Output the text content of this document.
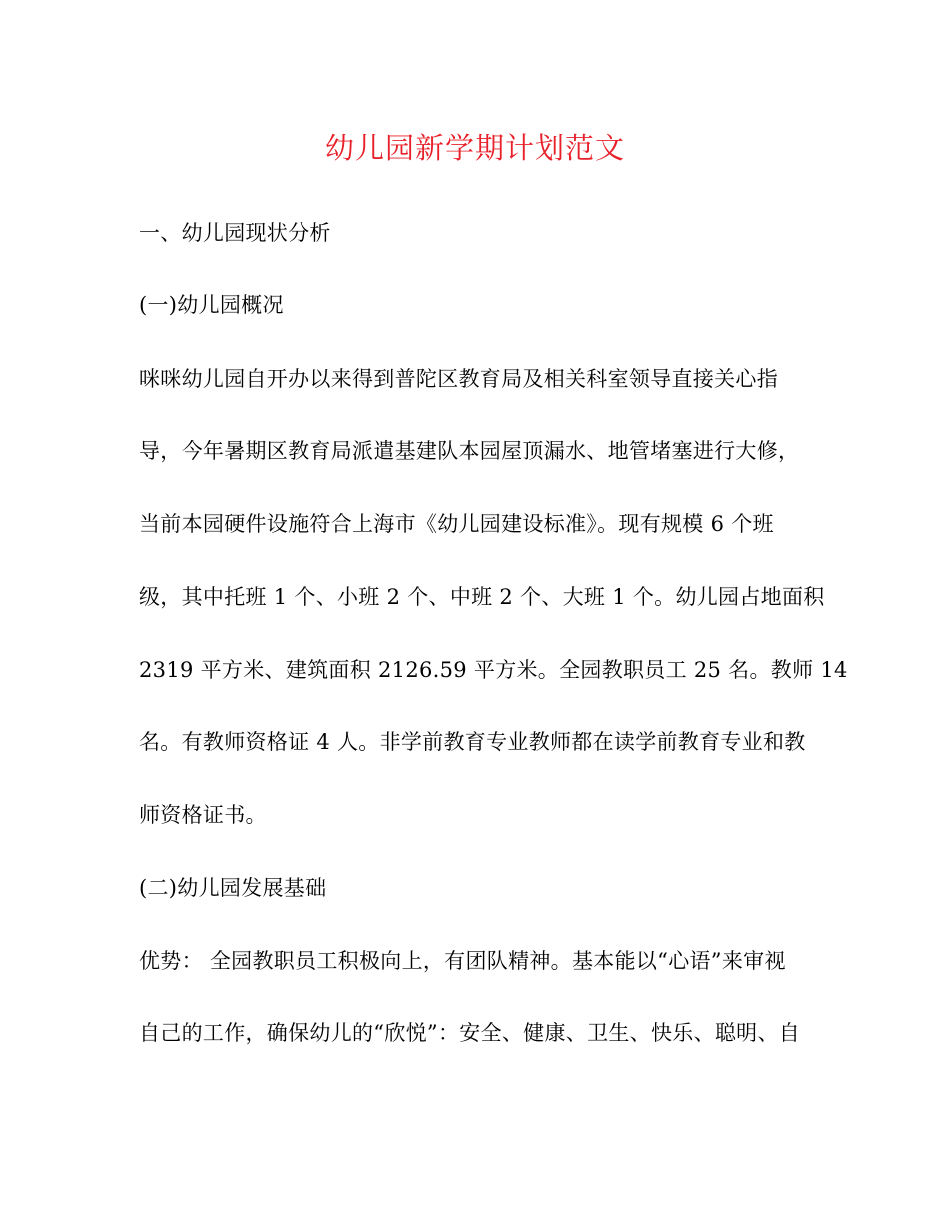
幼儿园新学期计划范文
一、幼儿园现状分析
(一)幼儿园概况
咪咪幼儿园自开办以来得到普陀区教育局及相关科室领导直接关心指
导，今年暑期区教育局派遣基建队本园屋顶漏水、地管堵塞进行大修，
当前本园硬件设施符合上海市《幼儿园建设标准》。现有规模 6 个班
级，其中托班 1 个、小班 2 个、中班 2 个、大班 1 个。幼儿园占地面积
2319 平方米、建筑面积 2126.59 平方米。全园教职员工 25 名。教师 14
名。有教师资格证 4 人。非学前教育专业教师都在读学前教育专业和教
师资格证书。
(二)幼儿园发展基础
优势： 全园教职员工积极向上，有团队精神。基本能以“心语”来审视
自己的工作，确保幼儿的“欣悦”：安全、健康、卫生、快乐、聪明、自
